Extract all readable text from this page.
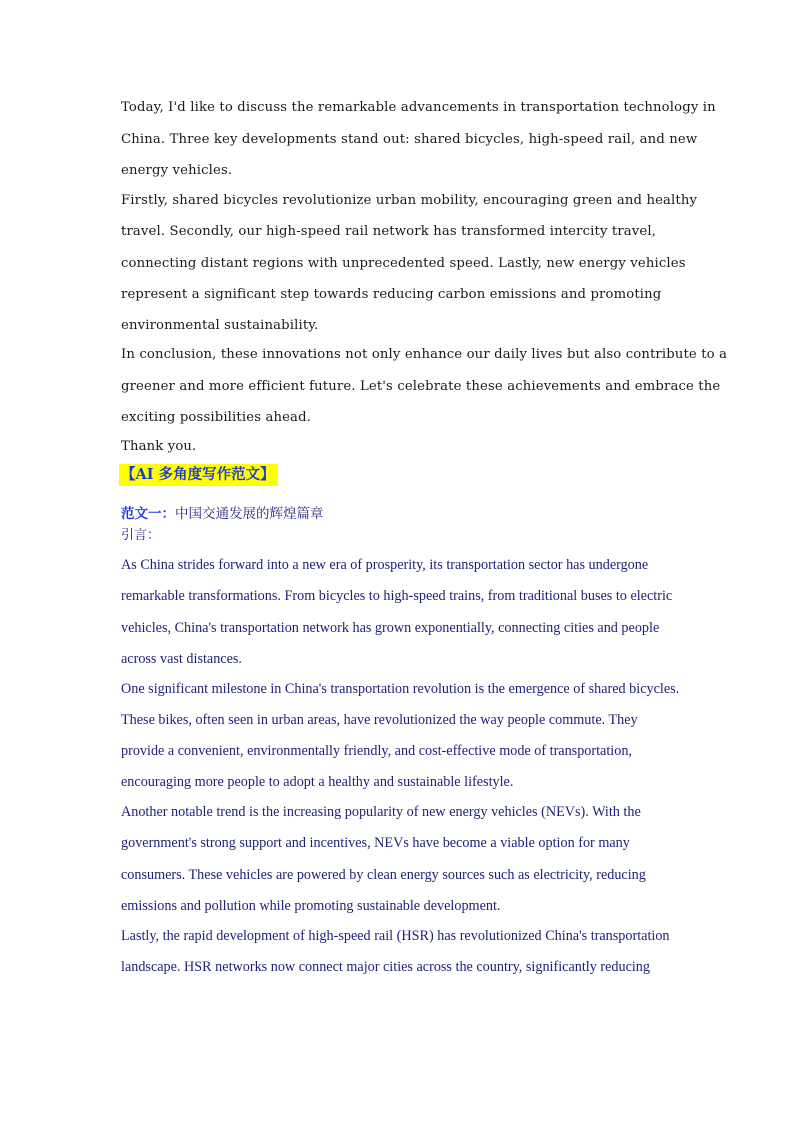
Today, I'd like to discuss the remarkable advancements in transportation technology in

China. Three key developments stand out: shared bicycles, high-speed rail, and new

energy vehicles.

Firstly, shared bicycles revolutionize urban mobility, encouraging green and healthy

travel. Secondly, our high-speed rail network has transformed intercity travel,

connecting distant regions with unprecedented speed. Lastly, new energy vehicles

represent a significant step towards reducing carbon emissions and promoting

environmental sustainability.

In conclusion, these innovations not only enhance our daily lives but also contribute to a

greener and more efficient future. Let's celebrate these achievements and embrace the

exciting possibilities ahead.

Thank you.

【AI 多角度写作范文】
范文一：中国交通发展的辉煌篇章
引言：

As China strides forward into a new era of prosperity, its transportation sector has undergone

remarkable transformations. From bicycles to high-speed trains, from traditional buses to electric

vehicles, China's transportation network has grown exponentially, connecting cities and people

across vast distances.

One significant milestone in China's transportation revolution is the emergence of shared bicycles.

These bikes, often seen in urban areas, have revolutionized the way people commute. They

provide a convenient, environmentally friendly, and cost-effective mode of transportation,

encouraging more people to adopt a healthy and sustainable lifestyle.

Another notable trend is the increasing popularity of new energy vehicles (NEVs). With the

government's strong support and incentives, NEVs have become a viable option for many

consumers. These vehicles are powered by clean energy sources such as electricity, reducing

emissions and pollution while promoting sustainable development.

Lastly, the rapid development of high-speed rail (HSR) has revolutionized China's transportation

landscape. HSR networks now connect major cities across the country, significantly reducing
